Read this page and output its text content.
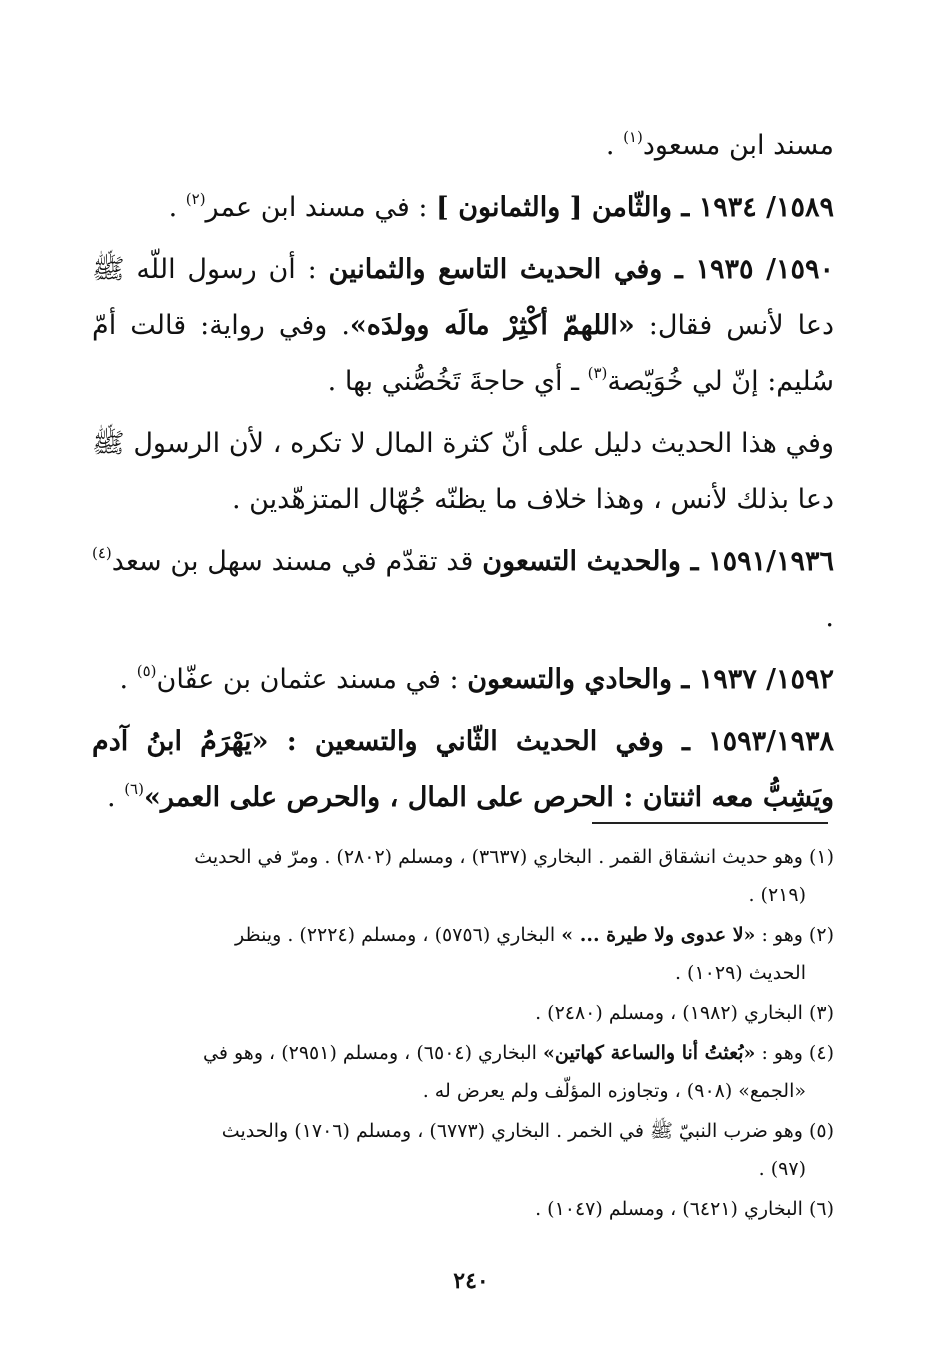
مسند ابن مسعود$^{(١)}$ .

١٥٨٩/ ١٩٣٤ ـ والثّامن [ والثمانون ] : في مسند ابن عمر$^{(٢)}$ .

١٥٩٠/ ١٩٣٥ ـ وفي الحديث التاسع والثمانين : أن رسول اللّه ﷺ دعا لأنس فقال: «اللهمّ أكْثِرْ مالَه وولدَه». وفي رواية: قالت أمّ سُليم: إنّ لي خُوَيّصة$^{(٣)}$ ـ أي حاجةَ تَخُصُّني بها .

وفي هذا الحديث دليل على أنّ كثرة المال لا تكره ، لأن الرسول ﷺ دعا بذلك لأنس ، وهذا خلاف ما يظنّه جُهّال المتزهّدين .

١٥٩١/١٩٣٦ ـ والحديث التسعون قد تقدّم في مسند سهل بن سعد$^{(٤)}$ .

١٥٩٢/ ١٩٣٧ ـ والحادي والتسعون : في مسند عثمان بن عفّان$^{(٥)}$ .

١٥٩٣/١٩٣٨ ـ وفي الحديث الثّاني والتسعين : «يَهْرَمُ ابنُ آدم ويَشِبُّ معه اثنتان : الحرص على المال ، والحرص على العمر»$^{(٦)}$ .

(١) وهو حديث انشقاق القمر . البخاري (٣٦٣٧) ، ومسلم (٢٨٠٢) . ومرّ في الحديث
(٢١٩) .

(٢) وهو : «لا عدوى ولا طيرة ... » البخاري (٥٧٥٦) ، ومسلم (٢٢٢٤) . وينظر
الحديث (١٠٢٩) .

(٣) البخاري (١٩٨٢) ، ومسلم (٢٤٨٠) .

(٤) وهو : «بُعثتُ أنا والساعة كهاتين» البخاري (٦٥٠٤) ، ومسلم (٢٩٥١) ، وهو في
«الجمع» (٩٠٨) ، وتجاوزه المؤلّف ولم يعرض له .

(٥) وهو ضرب النبيّ ﷺ في الخمر . البخاري (٦٧٧٣) ، ومسلم (١٧٠٦) والحديث
(٩٧) .

(٦) البخاري (٦٤٢١) ، ومسلم (١٠٤٧) .

٢٤٠
